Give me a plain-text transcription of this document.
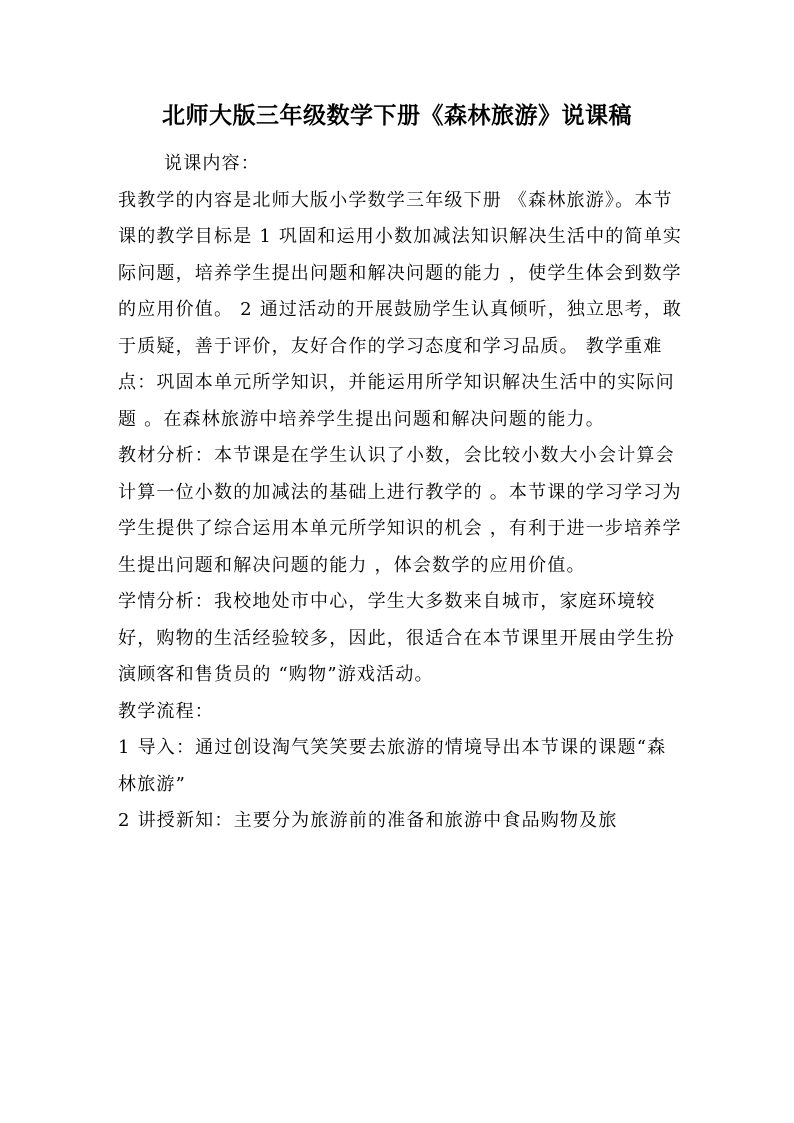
北师大版三年级数学下册《森林旅游》说课稿

说课内容：

我教学的内容是北师大版小学数学三年级下册 《森林旅游》。本节课的教学目标是 1 巩固和运用小数加减法知识解决生活中的简单实际问题，培养学生提出问题和解决问题的能力 ，使学生体会到数学的应用价值。 2 通过活动的开展鼓励学生认真倾听，独立思考，敢于质疑，善于评价，友好合作的学习态度和学习品质。 教学重难点：巩固本单元所学知识，并能运用所学知识解决生活中的实际问题 。在森林旅游中培养学生提出问题和解决问题的能力。

教材分析：本节课是在学生认识了小数，会比较小数大小会计算会计算一位小数的加减法的基础上进行教学的 。本节课的学习学习为学生提供了综合运用本单元所学知识的机会 ，有利于进一步培养学生提出问题和解决问题的能力 ，体会数学的应用价值。

学情分析：我校地处市中心，学生大多数来自城市，家庭环境较好，购物的生活经验较多，因此，很适合在本节课里开展由学生扮演顾客和售货员的 “购物”游戏活动。

教学流程：

1 导入：通过创设淘气笑笑要去旅游的情境导出本节课的课题“森林旅游”

2 讲授新知：主要分为旅游前的准备和旅游中食品购物及旅
